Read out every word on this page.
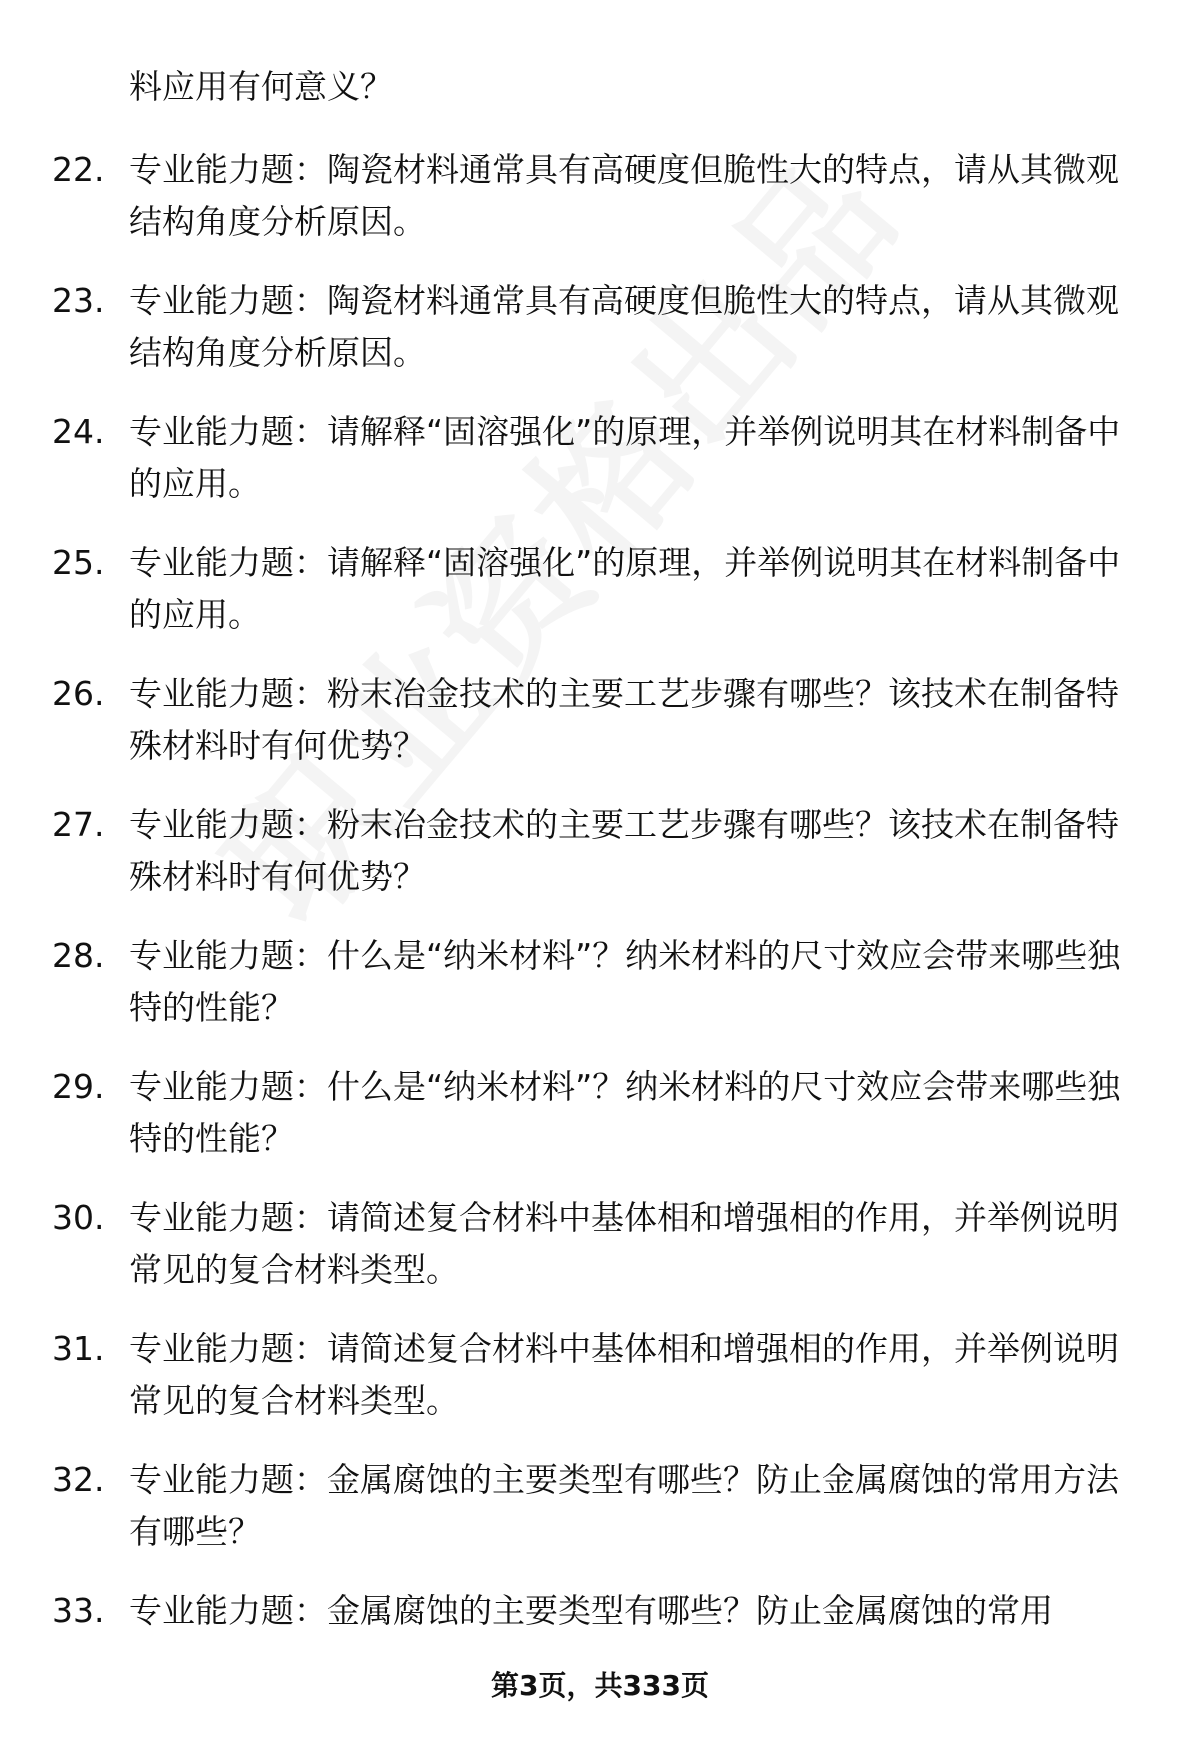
料应用有何意义？
22. 专业能力题：陶瓷材料通常具有高硬度但脆性大的特点，请从其微观结构角度分析原因。
23. 专业能力题：陶瓷材料通常具有高硬度但脆性大的特点，请从其微观结构角度分析原因。
24. 专业能力题：请解释“固溶强化”的原理，并举例说明其在材料制备中的应用。
25. 专业能力题：请解释“固溶强化”的原理，并举例说明其在材料制备中的应用。
26. 专业能力题：粉末冶金技术的主要工艺步骤有哪些？该技术在制备特殊材料时有何优势？
27. 专业能力题：粉末冶金技术的主要工艺步骤有哪些？该技术在制备特殊材料时有何优势？
28. 专业能力题：什么是“纳米材料”？纳米材料的尺寸效应会带来哪些独特的性能？
29. 专业能力题：什么是“纳米材料”？纳米材料的尺寸效应会带来哪些独特的性能？
30. 专业能力题：请简述复合材料中基体相和增强相的作用，并举例说明常见的复合材料类型。
31. 专业能力题：请简述复合材料中基体相和增强相的作用，并举例说明常见的复合材料类型。
32. 专业能力题：金属腐蚀的主要类型有哪些？防止金属腐蚀的常用方法有哪些？
33. 专业能力题：金属腐蚀的主要类型有哪些？防止金属腐蚀的常用
第3页，共333页
